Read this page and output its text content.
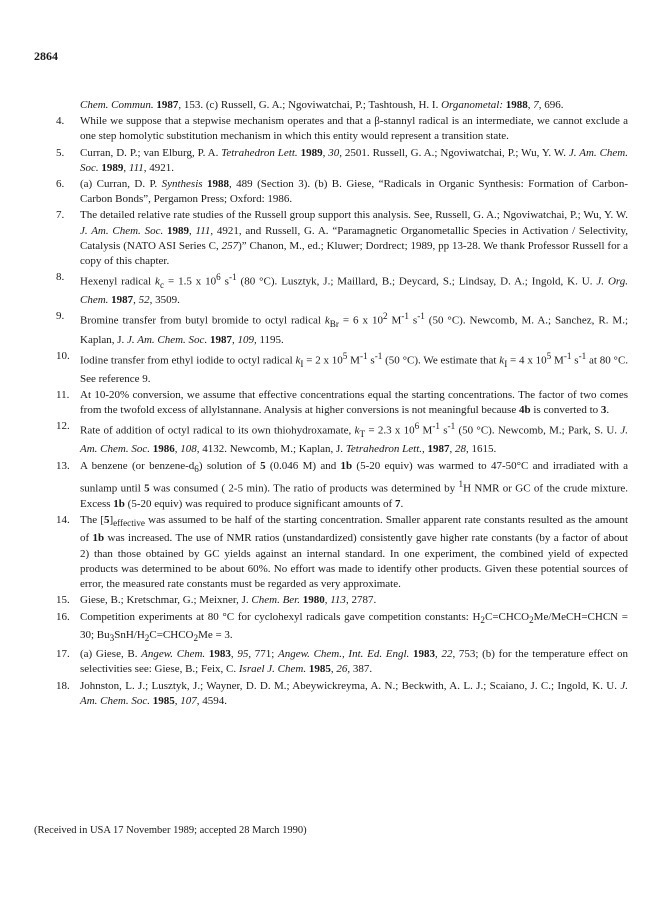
2864
Chem. Commun. 1987, 153. (c) Russell, G. A.; Ngoviwatchai, P.; Tashtoush, H. I. Organometal: 1988, 7, 696.
4.	While we suppose that a stepwise mechanism operates and that a β-stannyl radical is an intermediate, we cannot exclude a one step homolytic substitution mechanism in which this entity would represent a transition state.
5.	Curran, D. P.; van Elburg, P. A. Tetrahedron Lett. 1989, 30, 2501. Russell, G. A.; Ngoviwatchai, P.; Wu, Y. W. J. Am. Chem. Soc. 1989, 111, 4921.
6.	(a) Curran, D. P. Synthesis 1988, 489 (Section 3). (b) B. Giese, “Radicals in Organic Synthesis: Formation of Carbon-Carbon Bonds”, Pergamon Press; Oxford: 1986.
7.	The detailed relative rate studies of the Russell group support this analysis. See, Russell, G. A.; Ngoviwatchai, P.; Wu, Y. W. J. Am. Chem. Soc. 1989, 111, 4921, and Russell, G. A. “Paramagnetic Organometallic Species in Activation / Selectivity, Catalysis (NATO ASI Series C, 257)” Chanon, M., ed.; Kluwer; Dordrect; 1989, pp 13-28. We thank Professor Russell for a copy of this chapter.
8.	Hexenyl radical $k_c = 1.5$ x $10^6$ $s^{-1}$ (80 °C). Lusztyk, J.; Maillard, B.; Deycard, S.; Lindsay, D. A.; Ingold, K. U. J. Org. Chem. 1987, 52, 3509.
9.	Bromine transfer from butyl bromide to octyl radical $k_{Br} = 6$ x $10^2$ $M^{-1}$ $s^{-1}$ (50 °C). Newcomb, M. A.; Sanchez, R. M.; Kaplan, J. J. Am. Chem. Soc. 1987, 109, 1195.
10. Iodine transfer from ethyl iodide to octyl radical $k_I = 2$ x $10^5$ $M^{-1}$ $s^{-1}$ (50 °C). We estimate that $k_I = 4$ x $10^5$ $M^{-1}$ $s^{-1}$ at 80 °C. See reference 9.
11. At 10-20% conversion, we assume that effective concentrations equal the starting concentrations. The factor of two comes from the twofold excess of allylstannane. Analysis at higher conversions is not meaningful because 4b is converted to 3.
12. Rate of addition of octyl radical to its own thiohydroxamate, $k_T = 2.3$ x $10^6$ $M^{-1}$ $s^{-1}$ (50 °C). Newcomb, M.; Park, S. U. J. Am. Chem. Soc. 1986, 108, 4132. Newcomb, M.; Kaplan, J. Tetrahedron Lett., 1987, 28, 1615.
13. A benzene (or benzene-$d_6$) solution of 5 (0.046 M) and 1b (5-20 equiv) was warmed to 47-50°C and irradiated with a sunlamp until 5 was consumed ( 2-5 min). The ratio of products was determined by $^1$H NMR or GC of the crude mixture. Excess 1b (5-20 equiv) was required to produce significant amounts of 7.
14. The $[5]_{effective}$ was assumed to be half of the starting concentration. Smaller apparent rate constants resulted as the amount of 1b was increased. The use of NMR ratios (unstandardized) consistently gave higher rate constants (by a factor of about 2) than those obtained by GC yields against an internal standard. In one experiment, the combined yield of expected products was determined to be about 60%. No effort was made to identify other products. Given these potential sources of error, the measured rate constants must be regarded as very approximate.
15. Giese, B.; Kretschmar, G.; Meixner, J. Chem. Ber. 1980, 113, 2787.
16. Competition experiments at 80 °C for cyclohexyl radicals gave competition constants: $H_2C=CHCO_2Me/MeCH=CHCN = 30$; $Bu_3SnH/H_2C=CHCO_2Me = 3$.
17. (a) Giese, B. Angew. Chem. 1983, 95, 771; Angew. Chem., Int. Ed. Engl. 1983, 22, 753; (b) for the temperature effect on selectivities see: Giese, B.; Feix, C. Israel J. Chem. 1985, 26, 387.
18. Johnston, L. J.; Lusztyk, J.; Wayner, D. D. M.; Abeywickreyma, A. N.; Beckwith, A. L. J.; Scaiano, J. C.; Ingold, K. U. J. Am. Chem. Soc. 1985, 107, 4594.
(Received in USA 17 November 1989; accepted 28 March 1990)
